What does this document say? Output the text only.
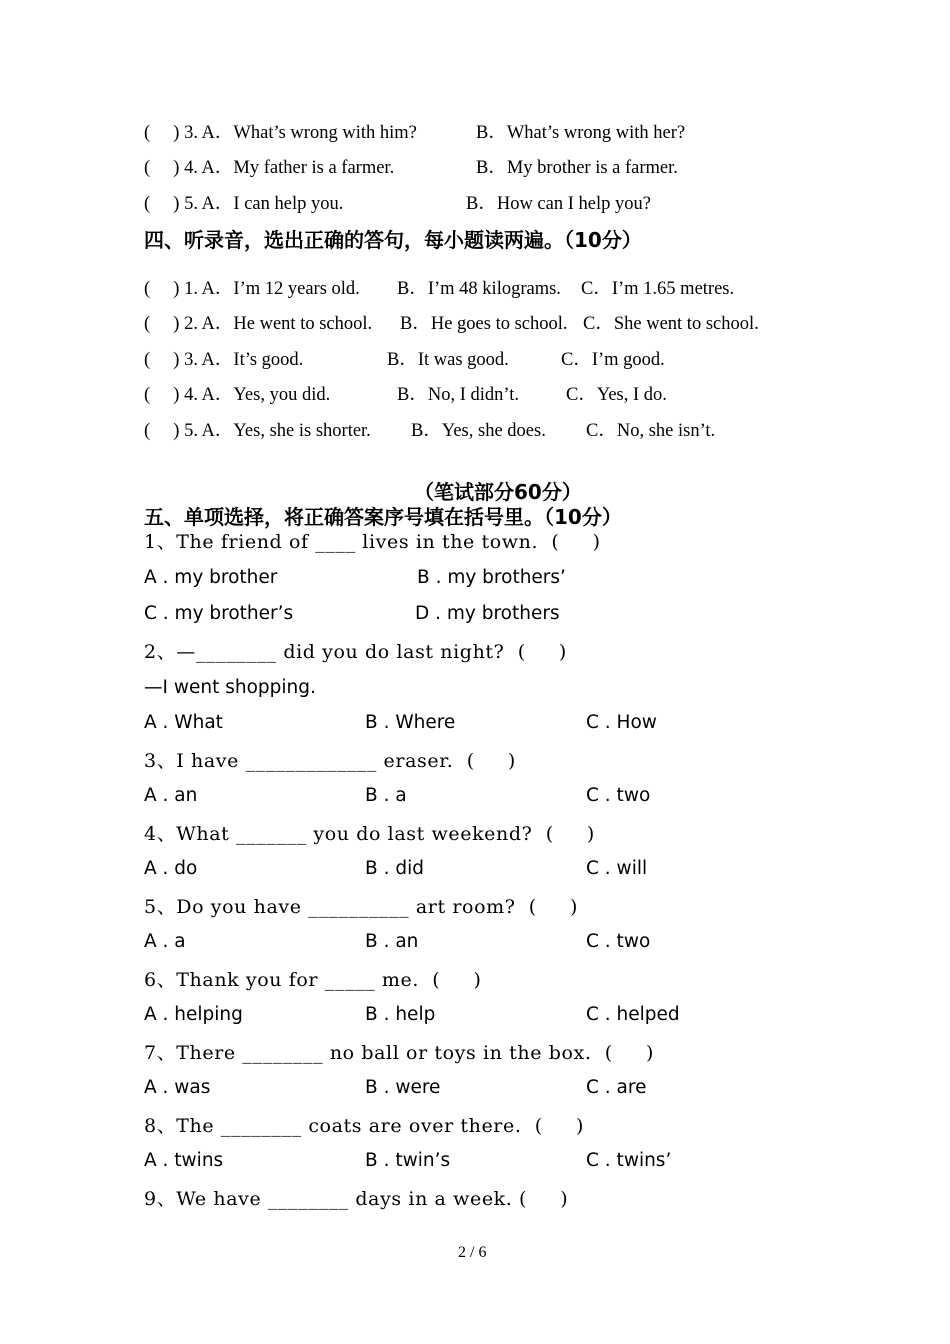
(     ) 3. A．What’s wrong with him?	B．What’s wrong with her?
(     ) 4. A．My father is a farmer.	B．My brother is a farmer.
(     ) 5. A．I can help you.	B．How can I help you?
四、听录音，选出正确的答句，每小题读两遍。（10分）
(     ) 1. A．I’m 12 years old. B．I’m 48 kilograms. C．I’m 1.65 metres.
(     ) 2. A．He went to school. B．He goes to school. C．She went to school.
(     ) 3. A．It’s good.	B．It was good.	C．I’m good.
(     ) 4. A．Yes, you did.	B．No, I didn’t.	C．Yes, I do.
(     ) 5. A．Yes, she is shorter. B．Yes, she does. C．No, she isn’t.
（笔试部分60分）
五、单项选择，将正确答案序号填在括号里。（10分）
1、The friend of ____ lives in the town.  (     )
A . my brother	B . my brothers’
C . my brother’s	D . my brothers
2、—________ did you do last night?  (     )
—I went shopping.
A . What	B . Where	C . How
3、I have _____________ eraser.  (     )
A . an	B . a	C . two
4、What _______ you do last weekend?  (     )
A . do	B . did	C . will
5、Do you have __________ art room?  (     )
A . a	B . an	C . two
6、Thank you for _____ me.  (     )
A . helping	B . help	C . helped
7、There ________ no ball or toys in the box.  (     )
A . was	B . were	C . are
8、The ________ coats are over there.  (     )
A . twins	B . twin’s	C . twins’
9、We have ________ days in a week. (     )
2 / 6
